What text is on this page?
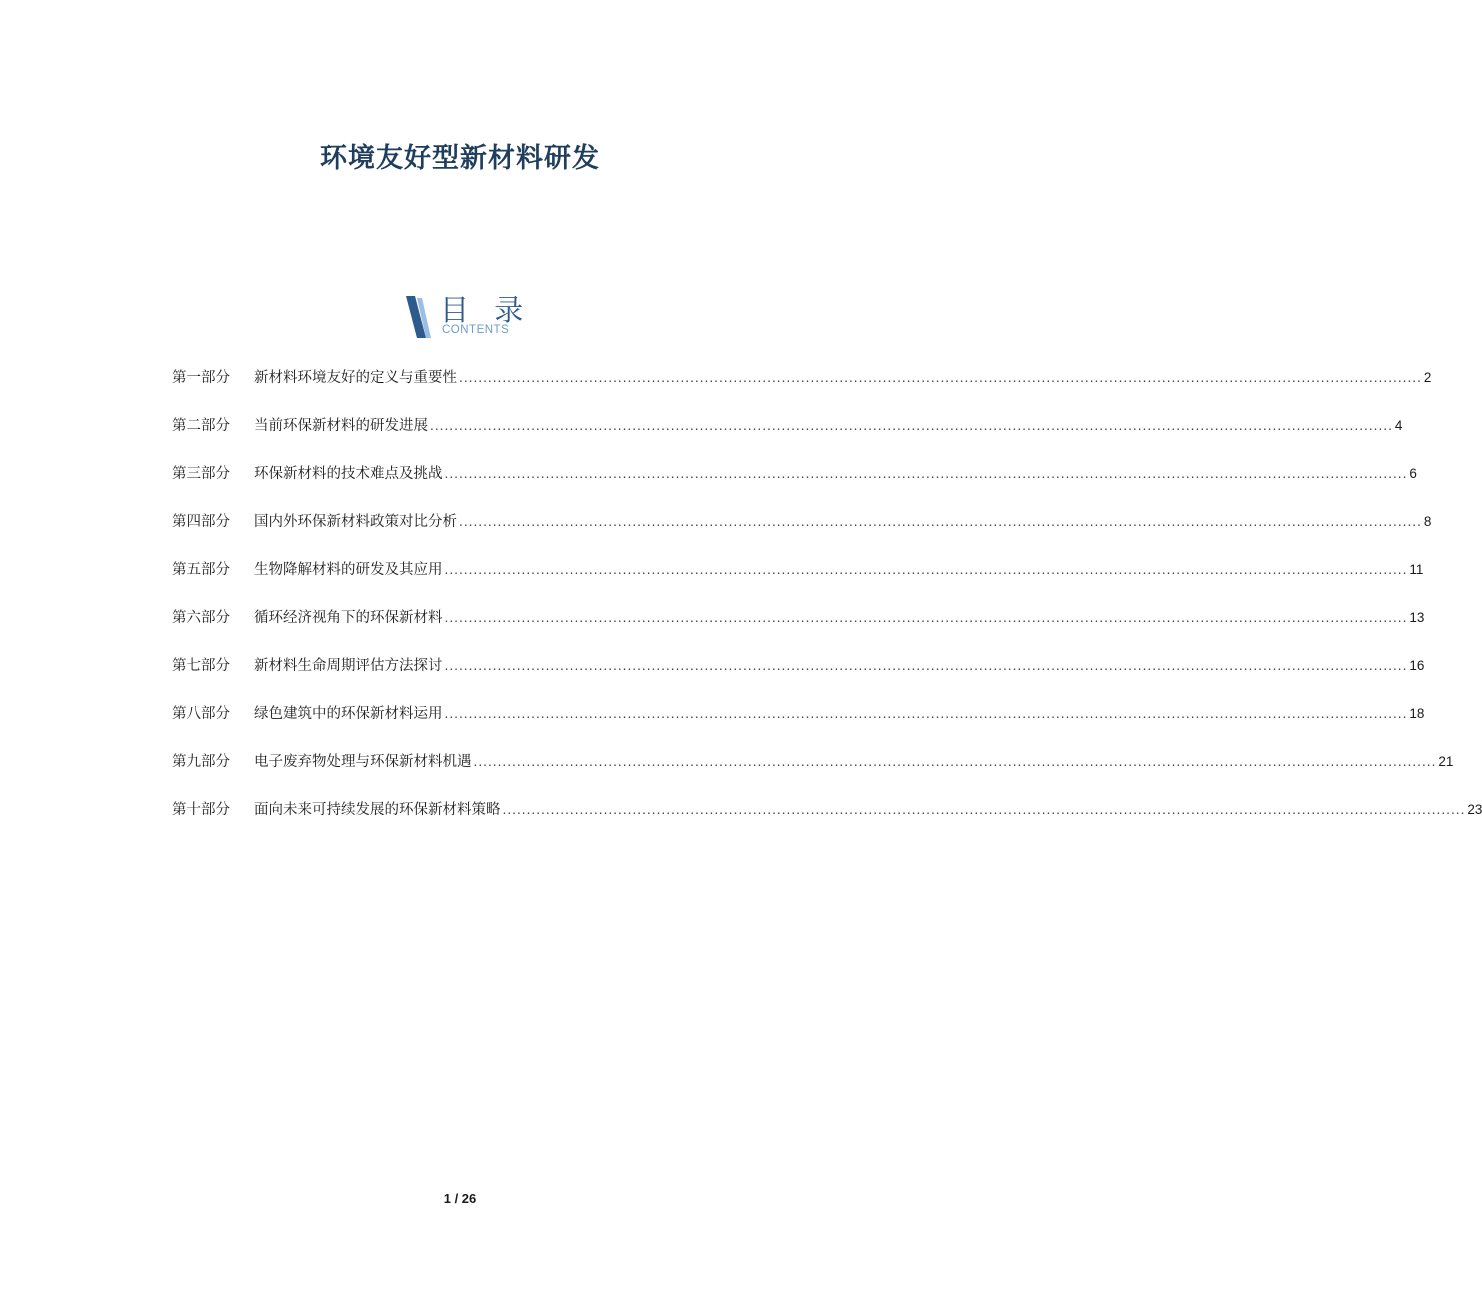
环境友好型新材料研发
目 录
CONTENTS
第一部分	新材料环境友好的定义与重要性 ........................................................................................................................................................................................................ 2
第二部分	当前环保新材料的研发进展 ........................................................................................................................................................................................................ 4
第三部分	环保新材料的技术难点及挑战 ........................................................................................................................................................................................................ 6
第四部分	国内外环保新材料政策对比分析 ........................................................................................................................................................................................................ 8
第五部分	生物降解材料的研发及其应用 ........................................................................................................................................................................................................ 11
第六部分	循环经济视角下的环保新材料 ........................................................................................................................................................................................................ 13
第七部分	新材料生命周期评估方法探讨 ........................................................................................................................................................................................................ 16
第八部分	绿色建筑中的环保新材料运用 ........................................................................................................................................................................................................ 18
第九部分	电子废弃物处理与环保新材料机遇 ........................................................................................................................................................................................................ 21
第十部分	面向未来可持续发展的环保新材料策略 ........................................................................................................................................................................................................ 23
1 / 26
